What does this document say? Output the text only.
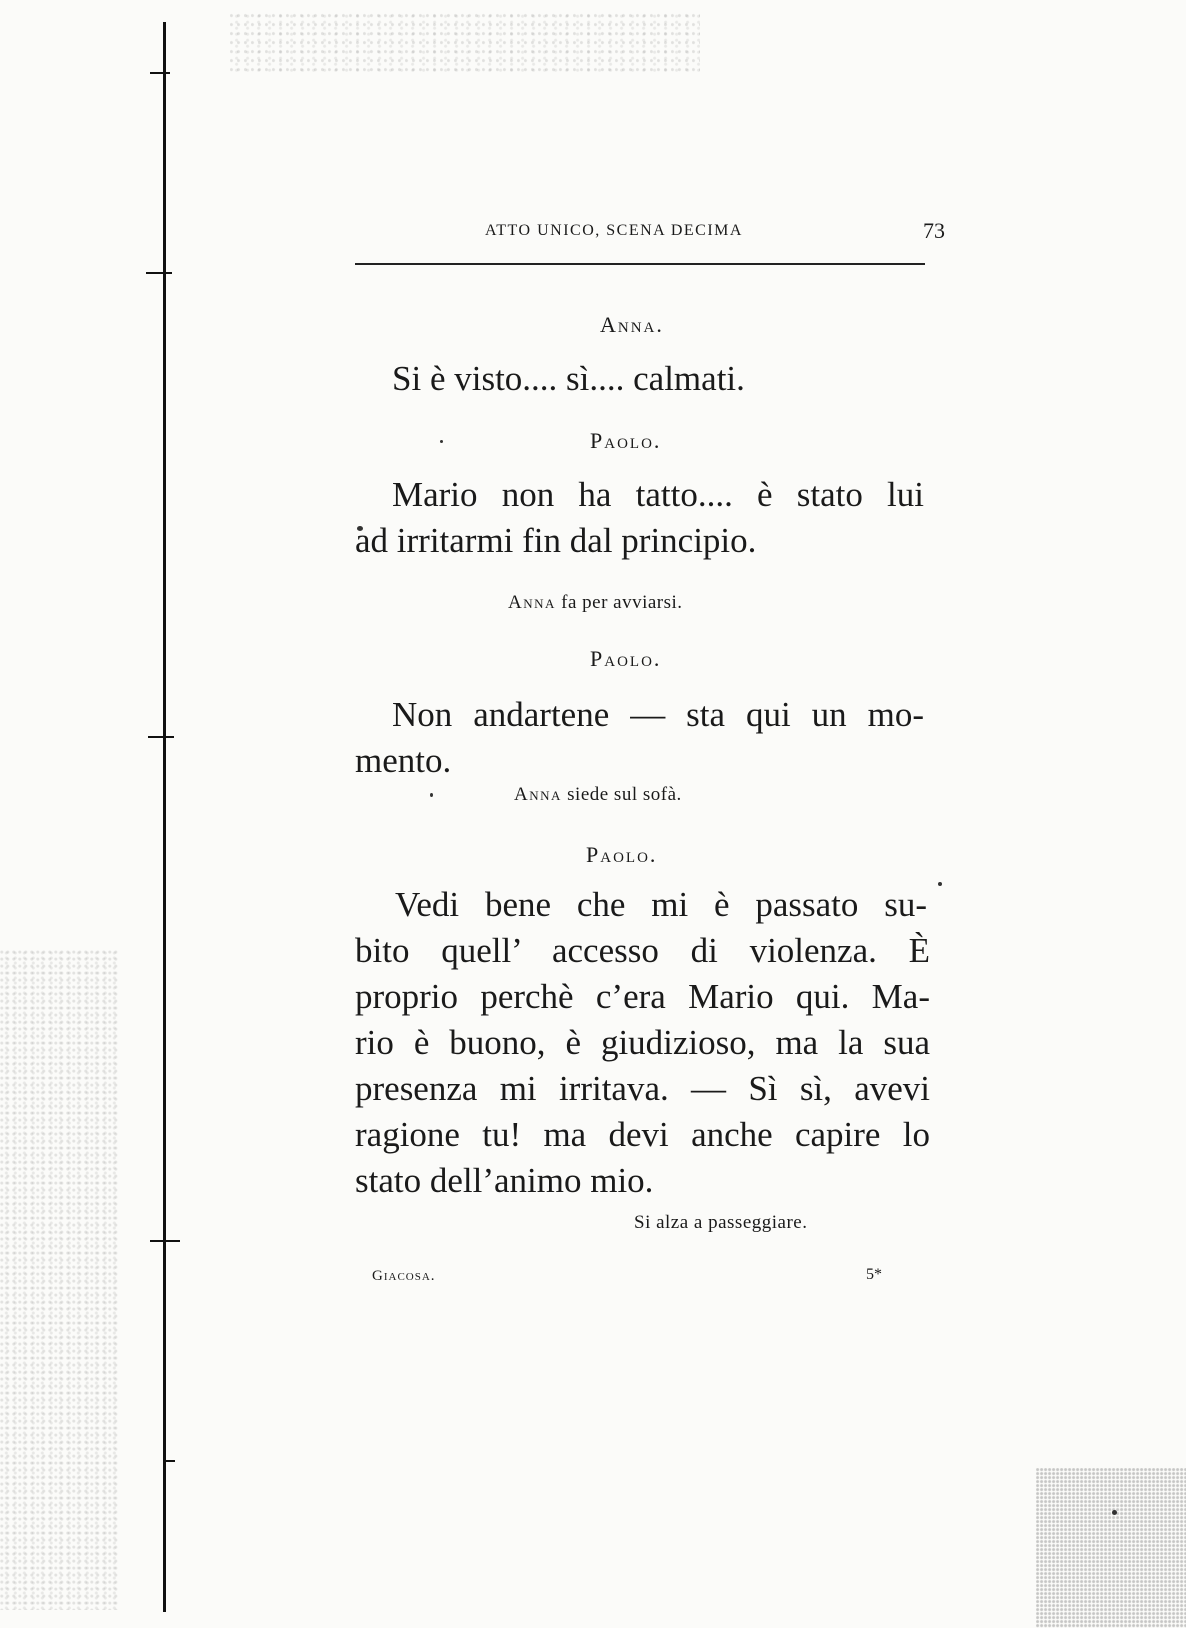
ATTO UNICO, SCENA DECIMA	73
Anna.
Si è visto.... sì.... calmati.
Paolo.
Mario non ha tatto.... è stato lui
ad irritarmi fin dal principio.
Anna fa per avviarsi.
Paolo.
Non andartene — sta qui un mo-
mento.
Anna siede sul sofà.
Paolo.
Vedi bene che mi è passato su-
bito quell’ accesso di violenza. È
proprio perchè c’era Mario qui. Ma-
rio è buono, è giudizioso, ma la sua
presenza mi irritava. — Sì sì, avevi
ragione tu! ma devi anche capire lo
stato dell’animo mio.
Si alza a passeggiare.
Giacosa.	5*
